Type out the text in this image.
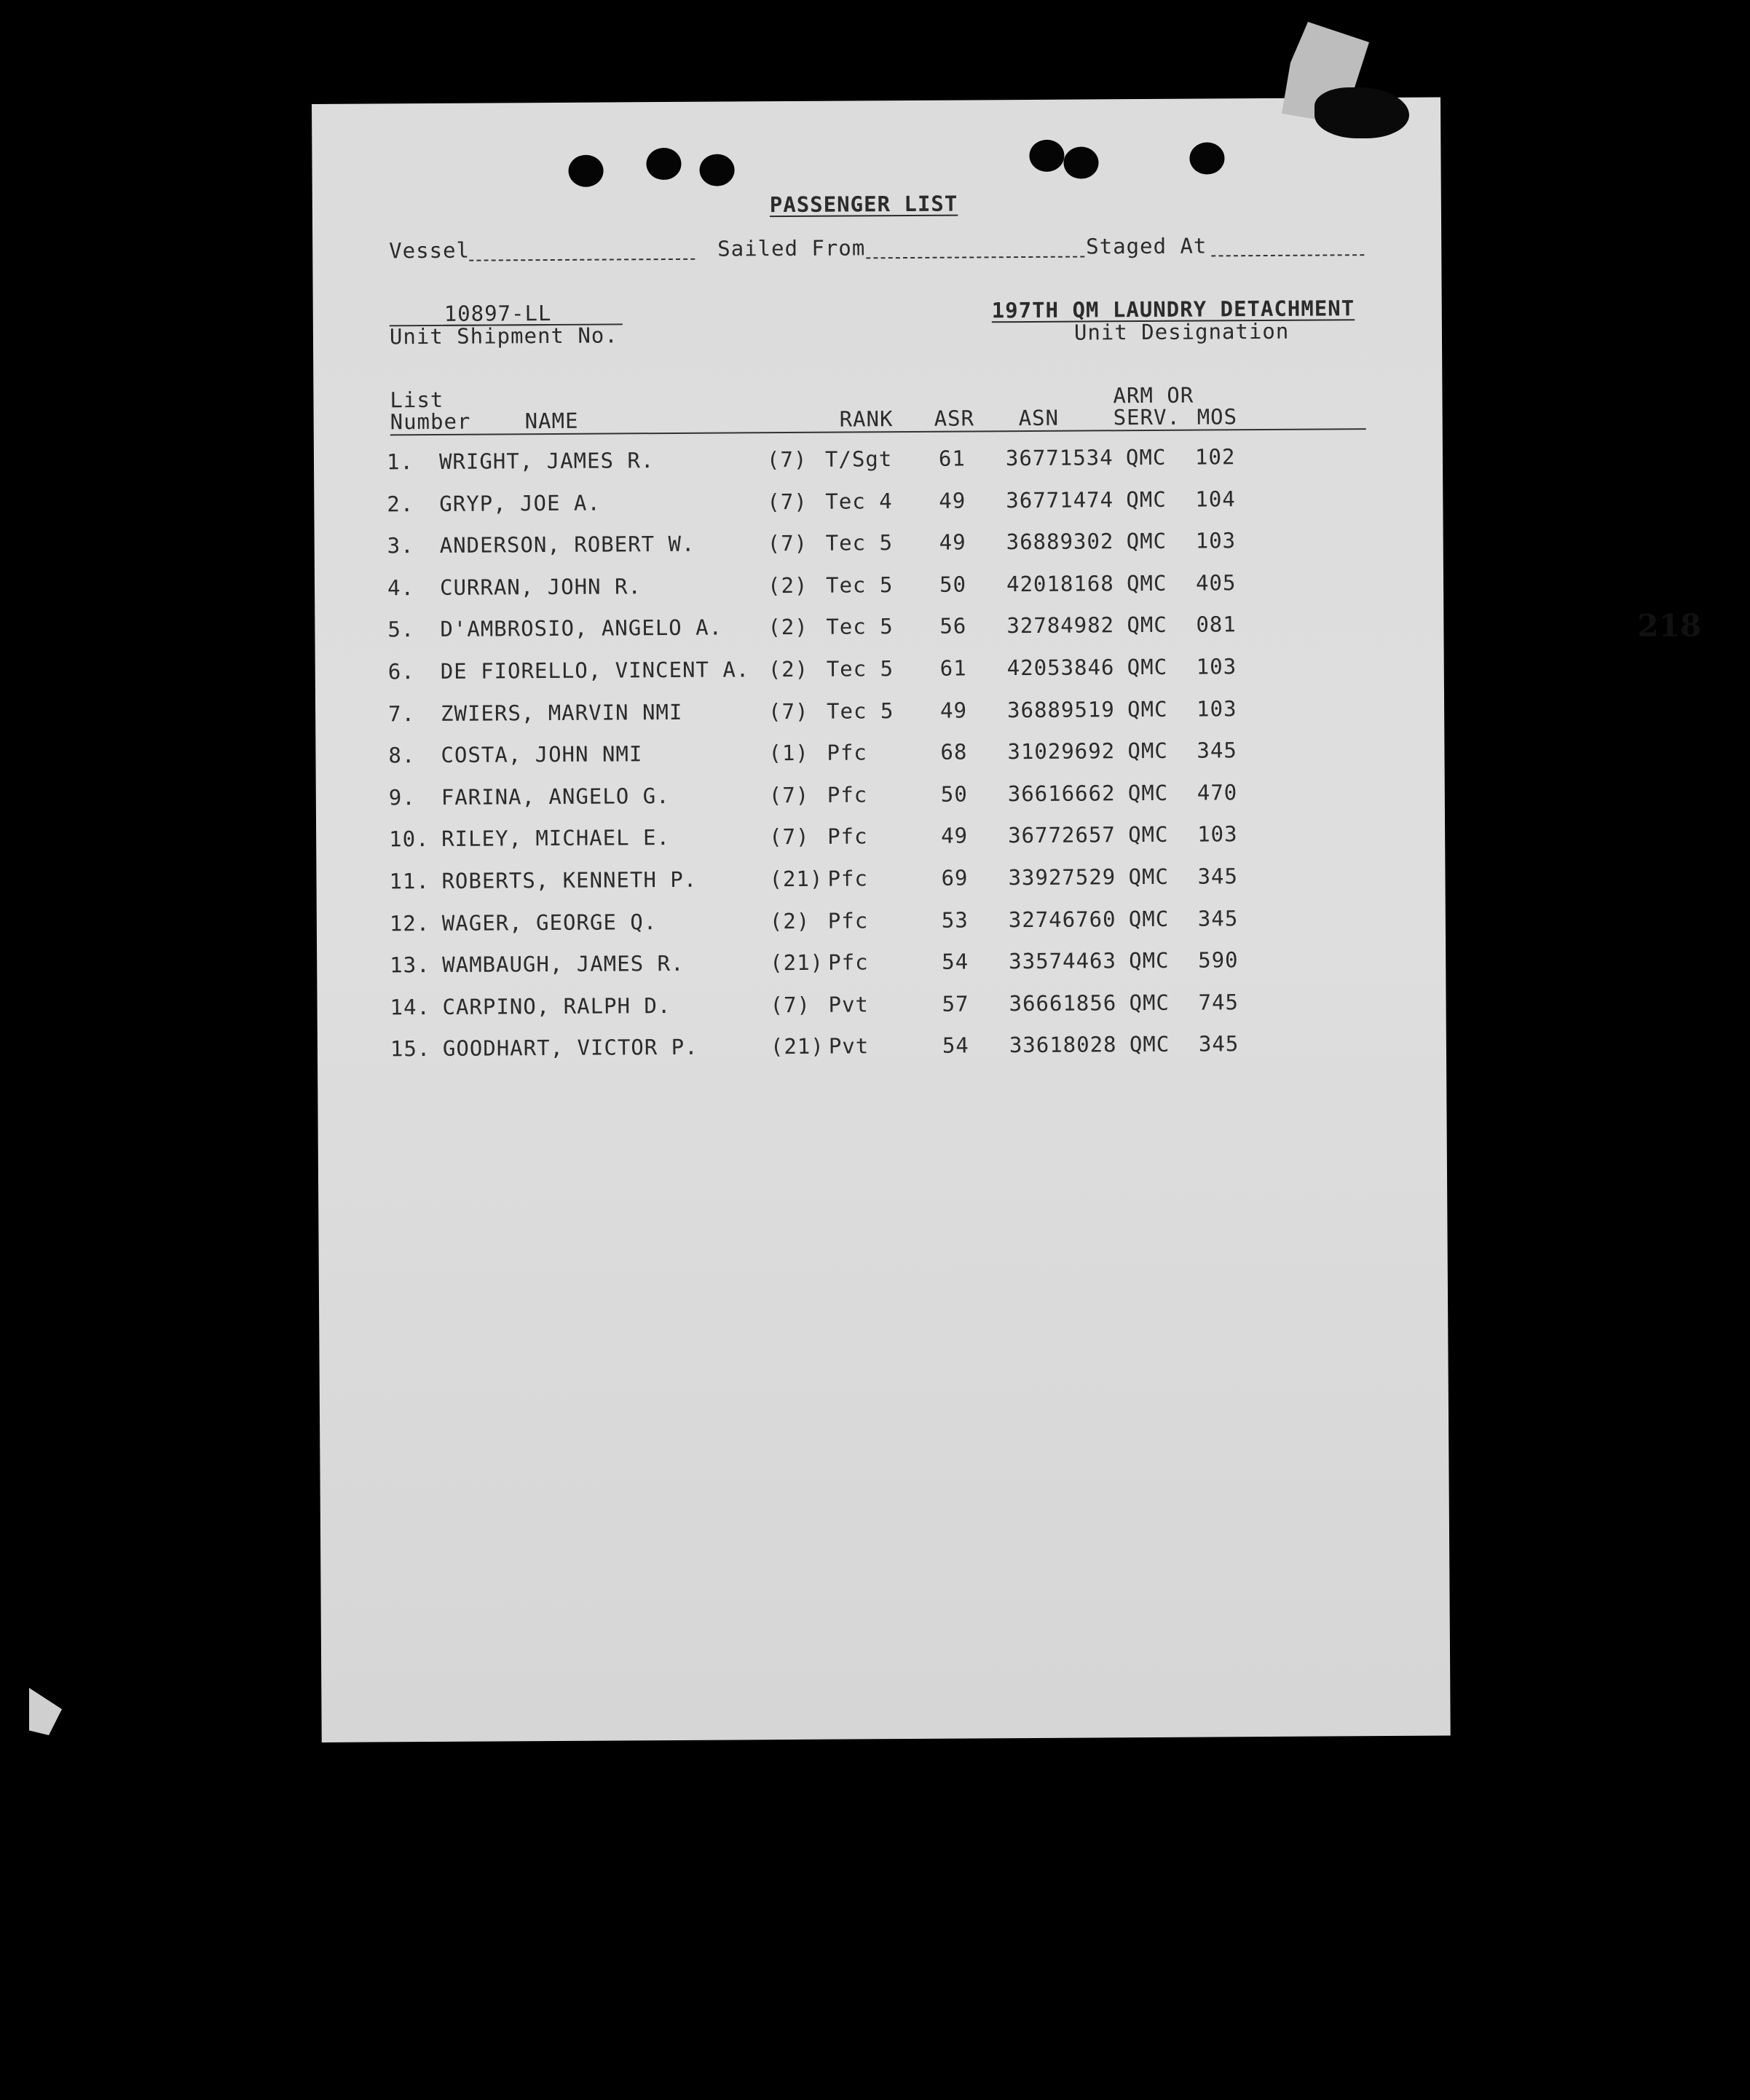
PASSENGER LIST
Vessel	Sailed From	Staged At
10897-LL
Unit Shipment No.
197TH QM LAUNDRY DETACHMENT
Unit Designation
List
Number	NAME	RANK ASR ASN
ARM OR
SERV. MOS
1. WRIGHT, JAMES R.	(7) T/Sgt 61 36771534 QMC 102
2. GRYP, JOE A.	(7) Tec 4 49 36771474 QMC 104
3. ANDERSON, ROBERT W.	(7) Tec 5 49 36889302 QMC 103
4. CURRAN, JOHN R.	(2) Tec 5 50 42018168 QMC 405
5. D'AMBROSIO, ANGELO A. (2) Tec 5 56 32784982 QMC 081
6. DE FIORELLO, VINCENT A. (2) Tec 5 61 42053846 QMC 103
7. ZWIERS, MARVIN NMI	(7) Tec 5 49 36889519 QMC 103
8. COSTA, JOHN NMI	(1) Pfc	68 31029692 QMC 345
9. FARINA, ANGELO G.	(7) Pfc	50 36616662 QMC 470
10. RILEY, MICHAEL E.	(7) Pfc	49 36772657 QMC 103
11. ROBERTS, KENNETH P.	(21) Pfc	69 33927529 QMC 345
12. WAGER, GEORGE Q.	(2) Pfc	53 32746760 QMC 345
13. WAMBAUGH, JAMES R.	(21) Pfc	54 33574463 QMC 590
14. CARPINO, RALPH D.	(7) Pvt	57 36661856 QMC 745
15. GOODHART, VICTOR P.	(21) Pvt	54 33618028 QMC 345
218
